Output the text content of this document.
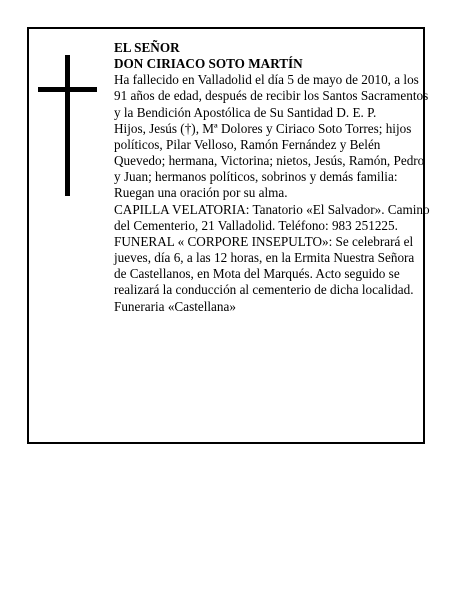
EL SEÑOR

DON CIRIACO SOTO MARTÍN

Ha fallecido en Valladolid el día 5 de mayo de 2010, a los 91 años de edad, después de recibir los Santos Sacramentos y la Bendición Apostólica de Su Santidad D. E. P.

Hijos, Jesús (†), Mª Dolores y Ciriaco Soto Torres; hijos políticos, Pilar Velloso, Ramón Fernández y Belén Quevedo; hermana, Victorina; nietos, Jesús, Ramón, Pedro y Juan; hermanos políticos, sobrinos y demás familia:

Ruegan una oración por su alma.

CAPILLA VELATORIA: Tanatorio «El Salvador». Camino del Cementerio, 21 Valladolid. Teléfono: 983 251225.

FUNERAL « CORPORE INSEPULTO»: Se celebrará el jueves, día 6, a las 12 horas, en la Ermita Nuestra Señora de Castellanos, en Mota del Marqués. Acto seguido se realizará la conducción al cementerio de dicha localidad.

Funeraria «Castellana»
